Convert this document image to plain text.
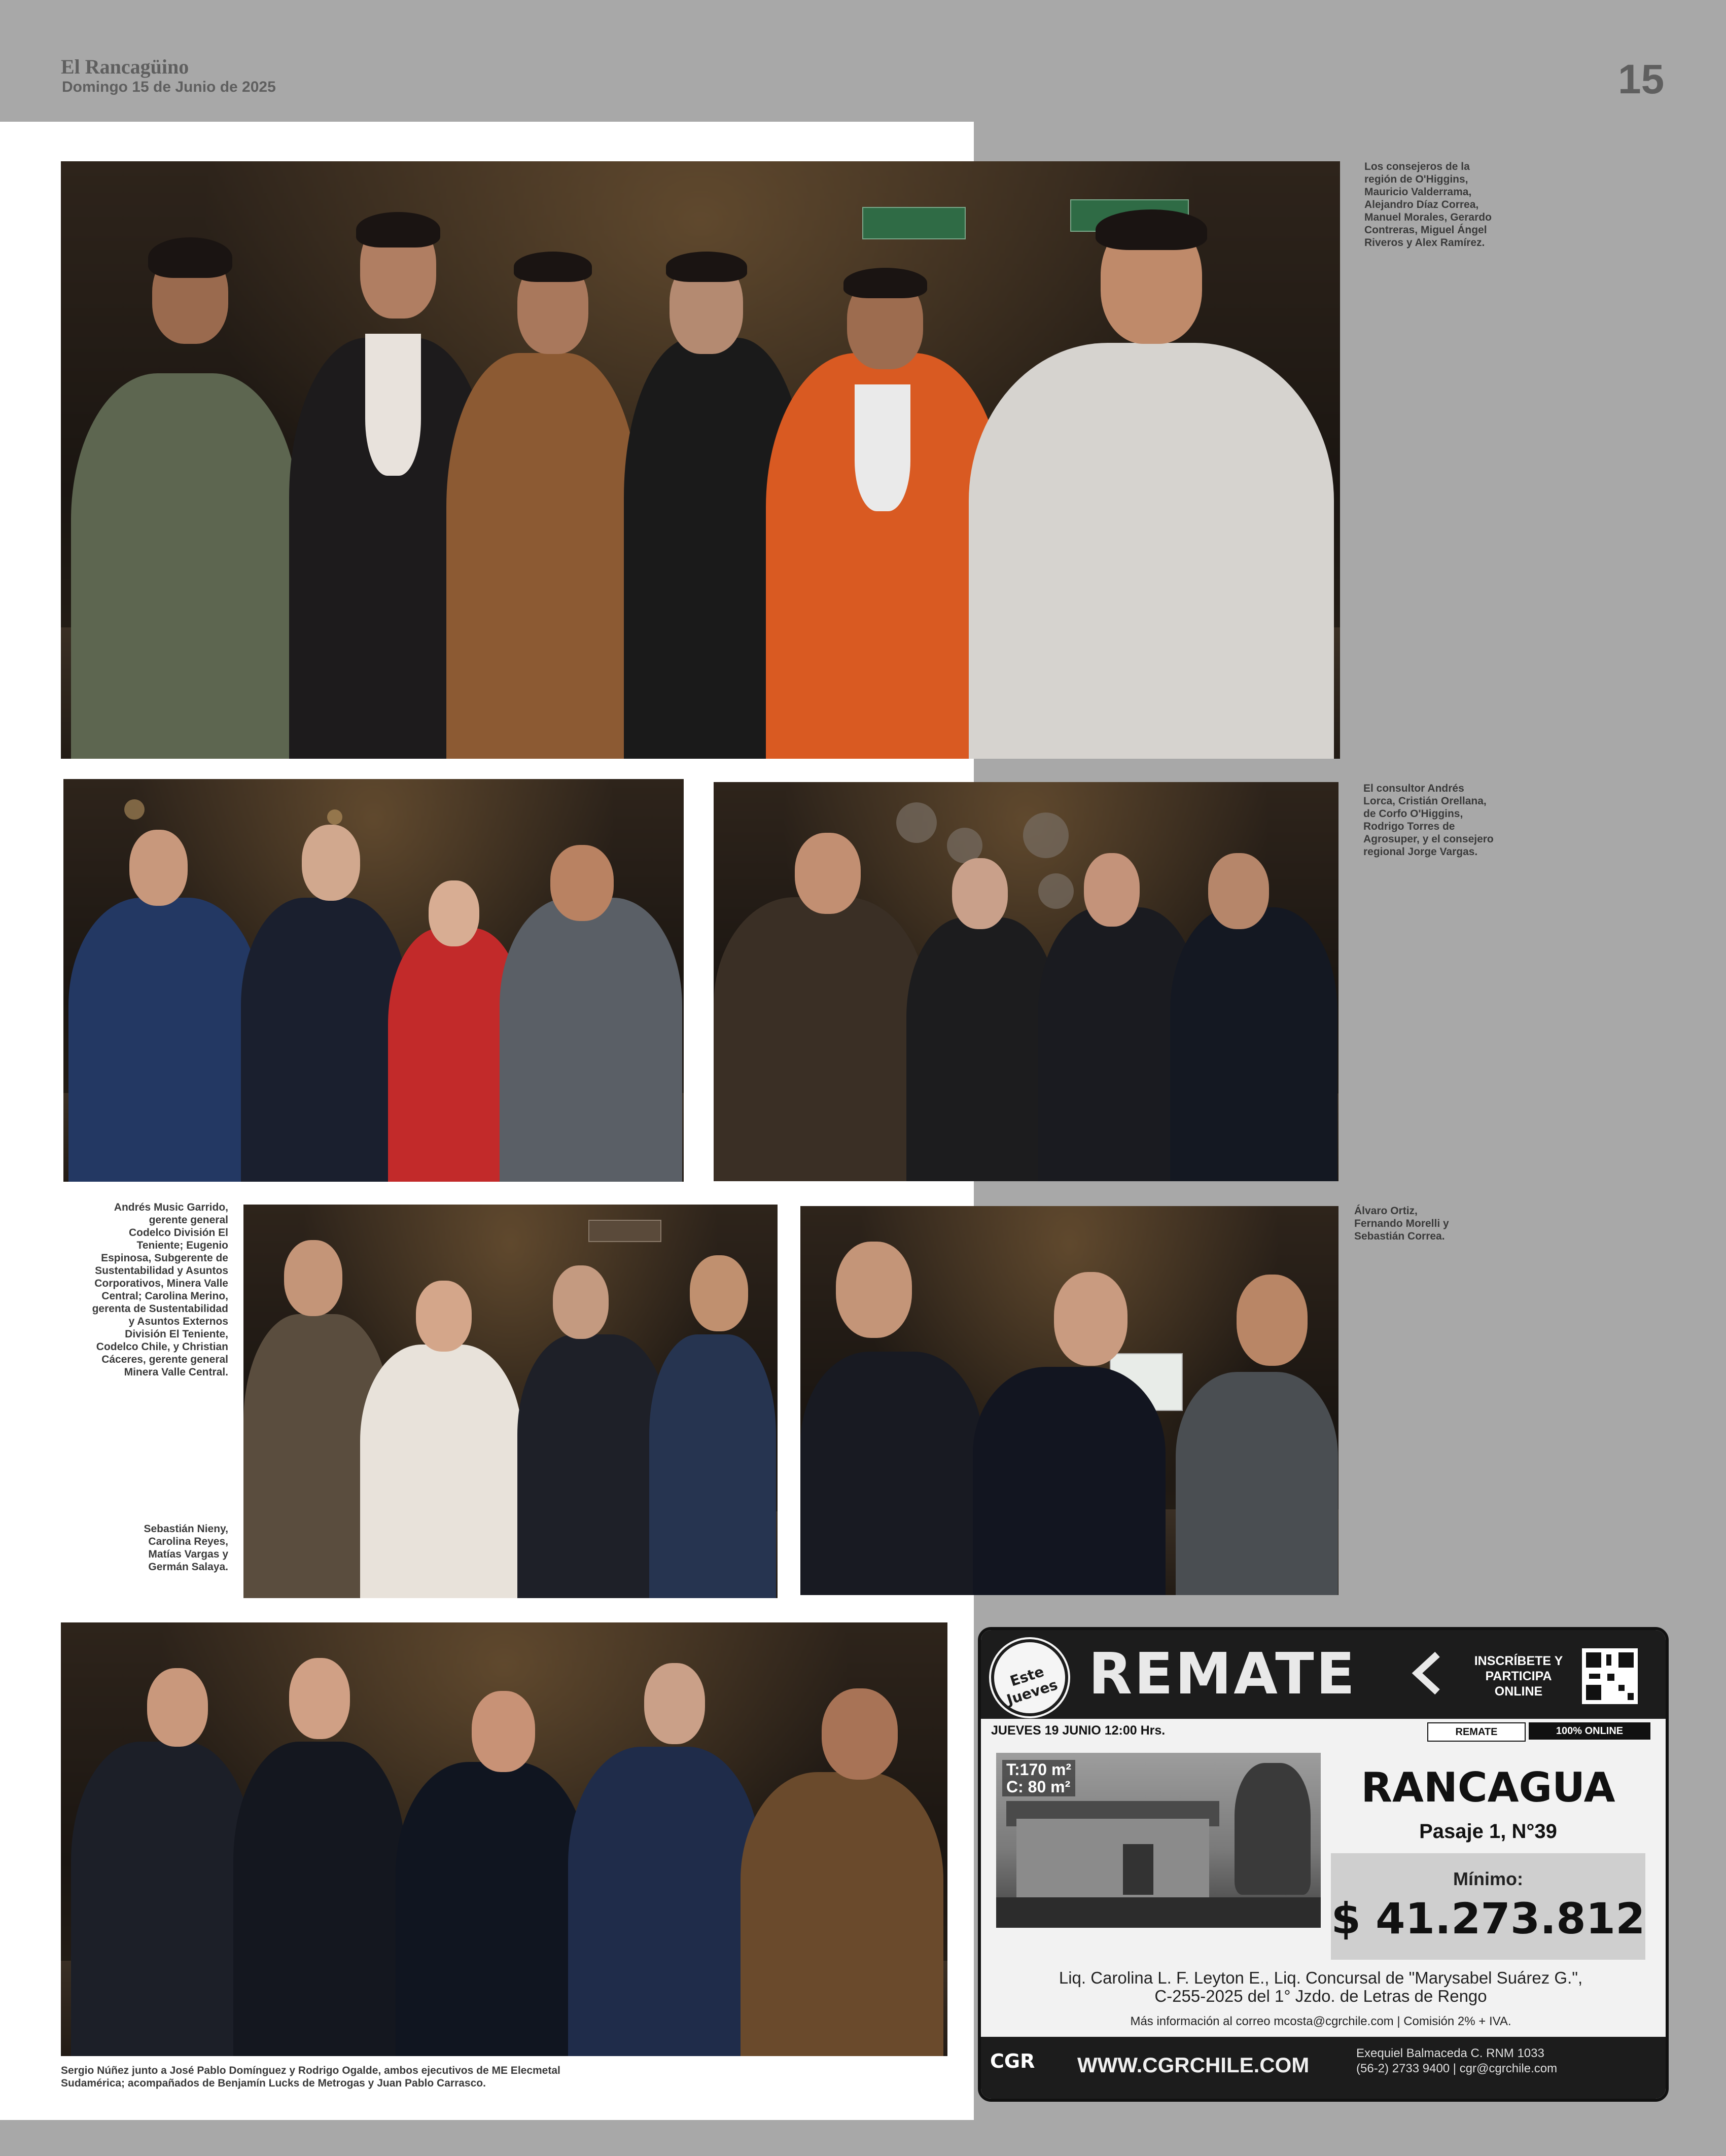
El Rancagüino
Domingo 15 de Junio de 2025	15
Los consejeros de la
región de O'Higgins,
Mauricio Valderrama,
Alejandro Díaz Correa,
Manuel Morales, Gerardo
Contreras, Miguel Ángel
Riveros y Alex Ramírez.
El consultor Andrés
Lorca, Cristián Orellana,
de Corfo O'Higgins,
Rodrigo Torres de
Agrosuper, y el consejero
regional Jorge Vargas.
Andrés Music Garrido,
gerente general
Codelco División El
Teniente; Eugenio
Espinosa, Subgerente de
Sustentabilidad y Asuntos
Corporativos, Minera Valle
Central; Carolina Merino,
gerenta de Sustentabilidad
y Asuntos Externos
División El Teniente,
Codelco Chile, y Christian
Cáceres, gerente general
Minera Valle Central.
Sebastián Nieny,
Carolina Reyes,
Matías Vargas y
Germán Salaya.
Álvaro Ortiz,
Fernando Morelli y
Sebastián Correa.
Sergio Núñez junto a José Pablo Domínguez y Rodrigo Ogalde, ambos ejecutivos de ME Elecmetal
Sudamérica; acompañados de Benjamín Lucks de Metrogas y Juan Pablo Carrasco.
Este Jueves REMATE	INSCRÍBETE Y
PARTICIPA
ONLINE
JUEVES 19 JUNIO 12:00 Hrs.	REMATE	100% ONLINE
T:170 m²
C: 80 m²	RANCAGUA
Pasaje 1, N°39
Mínimo:
$ 41.273.812
Liq. Carolina L. F. Leyton E., Liq. Concursal de "Marysabel Suárez G.",
C-255-2025 del 1° Jzdo. de Letras de Rengo
Más información al correo mcosta@cgrchile.com | Comisión 2% + IVA.
CGR WWW.CGRCHILE.COM	Exequiel Balmaceda C. RNM 1033
(56-2) 2733 9400 | cgr@cgrchile.com
